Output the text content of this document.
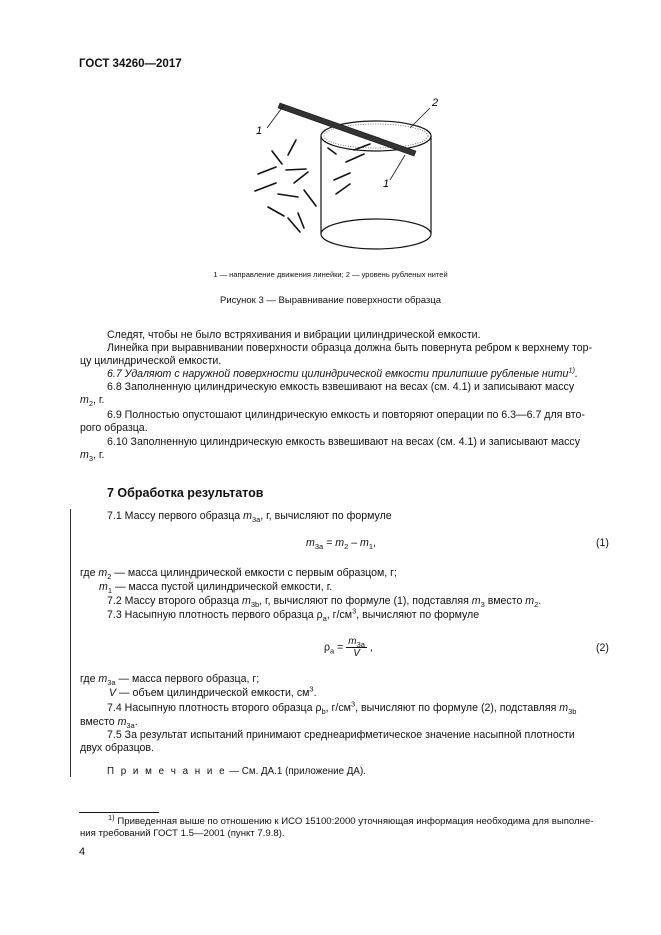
ГОСТ 34260—2017
1
1
2
1 — направление движения линейки; 2 — уровень рубленых нитей
Рисунок 3 — Выравнивание поверхности образца
Следят, чтобы не было встряхивания и вибрации цилиндрической емкости.
Линейка при выравнивании поверхности образца должна быть повернута ребром к верхнему тор-
цу цилиндрической емкости.
6.7 Удаляют с наружной поверхности цилиндрической емкости прилипшие рубленые нити$^{1)}$.
6.8 Заполненную цилиндрическую емкость взвешивают на весах (см. 4.1) и записывают массу
$m_2$, г.
6.9 Полностью опустошают цилиндрическую емкость и повторяют операции по 6.3—6.7 для вто-
рого образца.
6.10 Заполненную цилиндрическую емкость взвешивают на весах (см. 4.1) и записывают массу
$m_3$, г.
7 Обработка результатов
7.1 Массу первого образца $m_{3a}$, г, вычисляют по формуле
$m_{3a} = m_2 - m_1$,	(1)
где $m_2$ — масса цилиндрической емкости с первым образцом, г;
$m_1$ — масса пустой цилиндрической емкости, г.
7.2 Массу второго образца $m_{3b}$, г, вычисляют по формуле (1), подставляя $m_3$ вместо $m_2$.
7.3 Насыпную плотность первого образца $\rho_a$, $г/см^3$, вычисляют по формуле
$\rho_a = \frac{m_{3a}}{V}$ ,	(2)
где $m_{3a}$ — масса первого образца, г;
V — объем цилиндрической емкости, $см^3$.
7.4 Насыпную плотность второго образца $\rho_b$, $г/см^3$, вычисляют по формуле (2), подставляя $m_{3b}$
вместо $m_{3a}$.
7.5 За результат испытаний принимают среднеарифметическое значение насыпной плотности
двух образцов.
П р и м е ч а н и е — См. ДА.1 (приложение ДА).
$^{1)}$ Приведенная выше по отношению к ИСО 15100:2000 уточняющая информация необходима для выполне-
ния требований ГОСТ 1.5—2001 (пункт 7.9.8).
4
